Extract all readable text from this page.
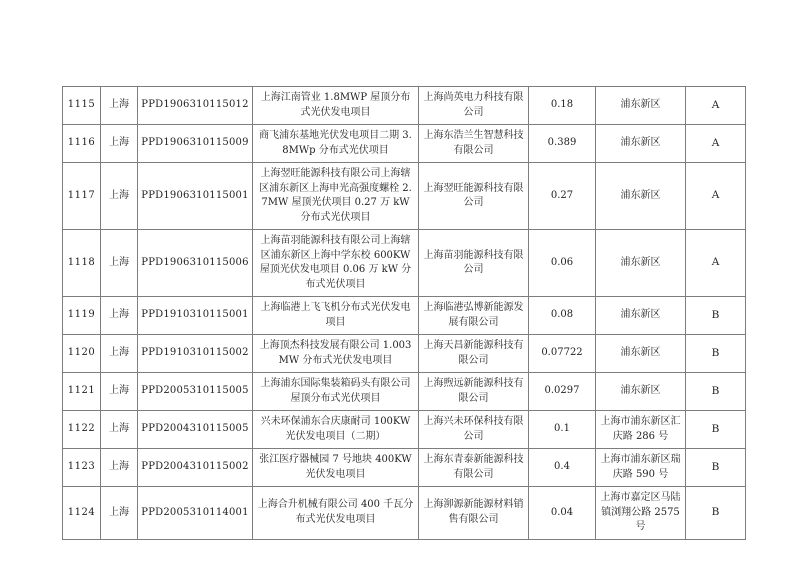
1115	上海	PPD1906310115012	上海江南管业 1.8MWP 屋顶分布式光伏发电项目	上海尚英电力科技有限公司	0.18	浦东新区	A
1116	上海	PPD1906310115009	商飞浦东基地光伏发电项目二期 3.8MWp 分布式光伏项目	上海东浩兰生智慧科技有限公司	0.389	浦东新区	A
1117	上海	PPD1906310115001	上海翌旺能源科技有限公司上海辖区浦东新区上海申光高强度螺栓 2.7MW 屋顶光伏项目 0.27 万 kW 分布式光伏项目	上海翌旺能源科技有限公司	0.27	浦东新区	A
1118	上海	PPD1906310115006	上海苗羽能源科技有限公司上海辖区浦东新区上海中学东校 600KW 屋顶光伏发电项目 0.06 万 kW 分布式光伏项目	上海苗羽能源科技有限公司	0.06	浦东新区	A
1119	上海	PPD1910310115001	上海临港上飞飞机分布式光伏发电项目	上海临港弘博新能源发展有限公司	0.08	浦东新区	B
1120	上海	PPD1910310115002	上海顶杰科技发展有限公司 1.003MW 分布式光伏发电项目	上海天昌新能源科技有限公司	0.07722	浦东新区	B
1121	上海	PPD2005310115005	上海浦东国际集装箱码头有限公司屋顶分布式光伏项目	上海煦远新能源科技有限公司	0.0297	浦东新区	B
1122	上海	PPD2004310115005	兴未环保浦东合庆康耐司 100KW 光伏发电项目（二期）	上海兴未环保科技有限公司	0.1	上海市浦东新区汇庆路 286 号	B
1123	上海	PPD2004310115002	张江医疗器械园 7 号地块 400KW 光伏发电项目	上海东青泰新能源科技有限公司	0.4	上海市浦东新区瑞庆路 590 号	B
1124	上海	PPD2005310114001	上海合升机械有限公司 400 千瓦分布式光伏发电项目	上海泖源新能源材料销售有限公司	0.04	上海市嘉定区马陆镇浏翔公路 2575 号	B
